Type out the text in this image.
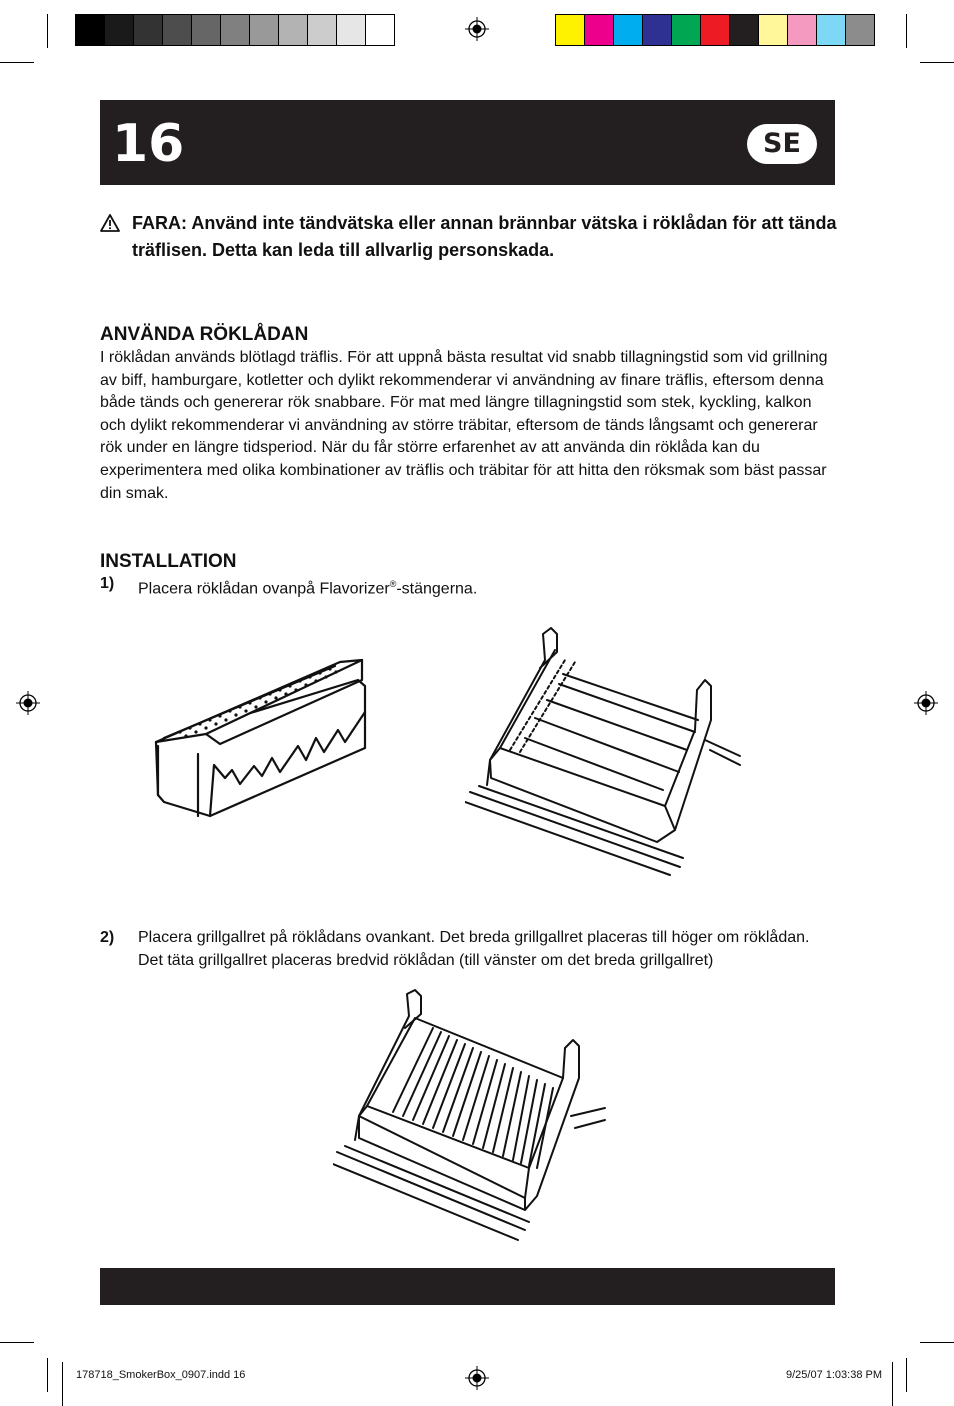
16	SE
FARA: Använd inte tändvätska eller annan brännbar vätska i röklådan för att tända träflisen. Detta kan leda till allvarlig personskada.
ANVÄNDA RÖKLÅDAN

I röklådan används blötlagd träflis. För att uppnå bästa resultat vid snabb tillagningstid som vid grillning av biff, hamburgare, kotletter och dylikt rekommenderar vi användning av finare träflis, eftersom denna både tänds och genererar rök snabbare. För mat med längre tillagningstid som stek, kyckling, kalkon och dylikt rekommenderar vi användning av större träbitar, eftersom de tänds långsamt och genererar rök under en längre tidsperiod. När du får större erfarenhet av att använda din röklåda kan du experimentera med olika kombinationer av träflis och träbitar för att hitta den röksmak som bäst passar din smak.

INSTALLATION
1)	Placera röklådan ovanpå Flavorizer®-stängerna.
2)	Placera grillgallret på röklådans ovankant. Det breda grillgallret placeras till höger om röklådan. Det täta grillgallret placeras bredvid röklådan (till vänster om det breda grillgallret)
178718_SmokerBox_0907.indd 16	9/25/07 1:03:38 PM
